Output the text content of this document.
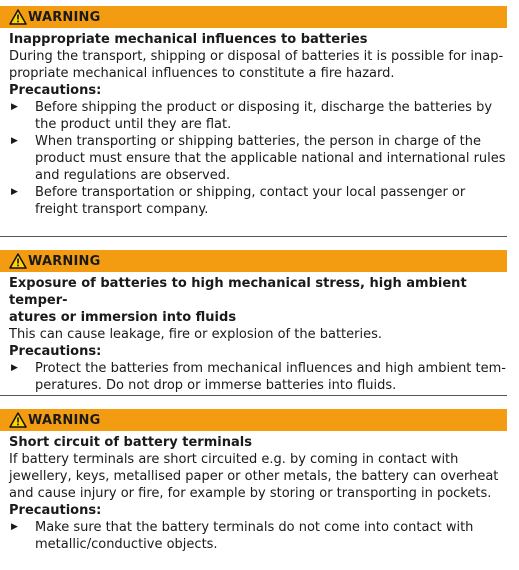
WARNING
Inappropriate mechanical influences to batteries
During the transport, shipping or disposal of batteries it is possible for inap-
propriate mechanical influences to constitute a fire hazard.
Precautions:
▶ Before shipping the product or disposing it, discharge the batteries by the product until they are flat.
▶ When transporting or shipping batteries, the person in charge of the product must ensure that the applicable national and international rules and regulations are observed.
▶ Before transportation or shipping, contact your local passenger or freight transport company.
WARNING
Exposure of batteries to high mechanical stress, high ambient temper-
atures or immersion into fluids
This can cause leakage, fire or explosion of the batteries.
Precautions:
▶ Protect the batteries from mechanical influences and high ambient tem-
peratures. Do not drop or immerse batteries into fluids.
WARNING
Short circuit of battery terminals
If battery terminals are short circuited e.g. by coming in contact with jewellery, keys, metallised paper or other metals, the battery can overheat and cause injury or fire, for example by storing or transporting in pockets.
Precautions:
▶ Make sure that the battery terminals do not come into contact with metallic/conductive objects.
